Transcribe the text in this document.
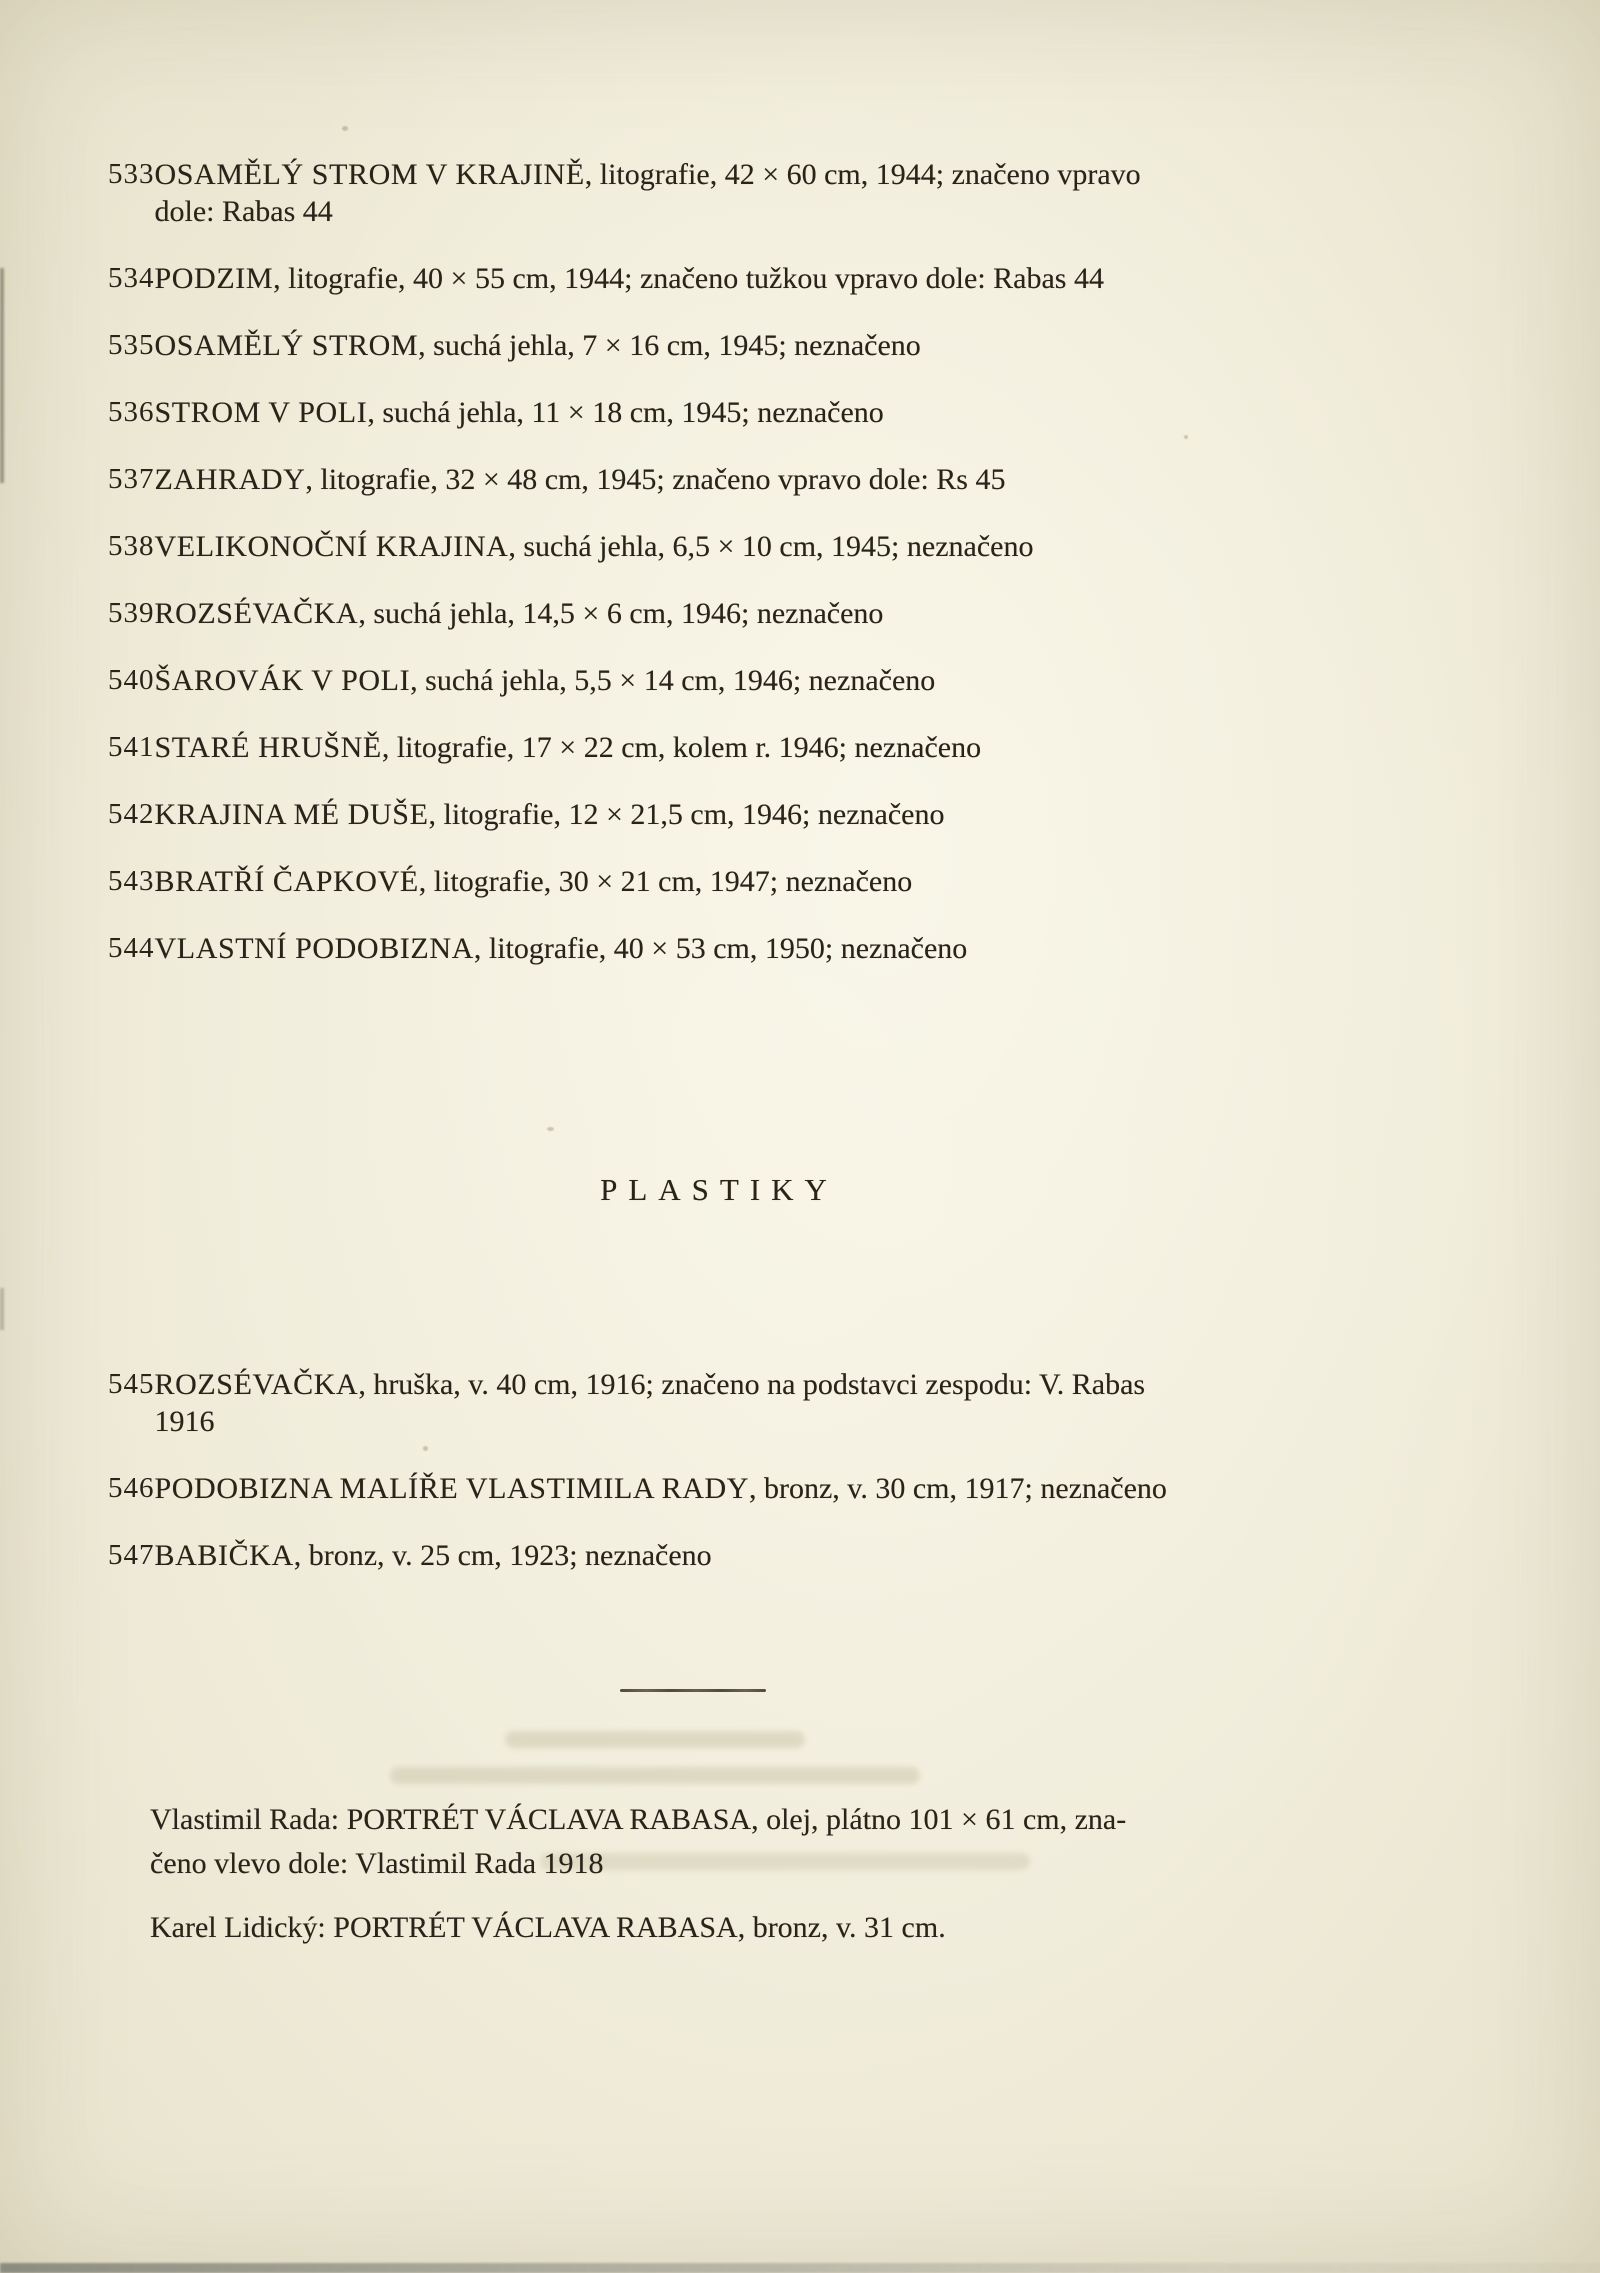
533 OSAMĚLÝ STROM V KRAJINĚ, litografie, 42 × 60 cm, 1944; značeno vpravo
dole: Rabas 44
534 PODZIM, litografie, 40 × 55 cm, 1944; značeno tužkou vpravo dole: Rabas 44
535 OSAMĚLÝ STROM, suchá jehla, 7 × 16 cm, 1945; neznačeno
536 STROM V POLI, suchá jehla, 11 × 18 cm, 1945; neznačeno
537 ZAHRADY, litografie, 32 × 48 cm, 1945; značeno vpravo dole: Rs 45
538 VELIKONOČNÍ KRAJINA, suchá jehla, 6,5 × 10 cm, 1945; neznačeno
539 ROZSÉVAČKA, suchá jehla, 14,5 × 6 cm, 1946; neznačeno
540 ŠAROVÁK V POLI, suchá jehla, 5,5 × 14 cm, 1946; neznačeno
541 STARÉ HRUŠNĚ, litografie, 17 × 22 cm, kolem r. 1946; neznačeno
542 KRAJINA MÉ DUŠE, litografie, 12 × 21,5 cm, 1946; neznačeno
543 BRATŘÍ ČAPKOVÉ, litografie, 30 × 21 cm, 1947; neznačeno
544 VLASTNÍ PODOBIZNA, litografie, 40 × 53 cm, 1950; neznačeno
PLASTIKY
545 ROZSÉVAČKA, hruška, v. 40 cm, 1916; značeno na podstavci zespodu: V. Rabas
1916
546 PODOBIZNA MALÍŘE VLASTIMILA RADY, bronz, v. 30 cm, 1917; neznačeno
547 BABIČKA, bronz, v. 25 cm, 1923; neznačeno

Vlastimil Rada: PORTRÉT VÁCLAVA RABASA, olej, plátno 101 × 61 cm, zna-
čeno vlevo dole: Vlastimil Rada 1918

Karel Lidický: PORTRÉT VÁCLAVA RABASA, bronz, v. 31 cm.
